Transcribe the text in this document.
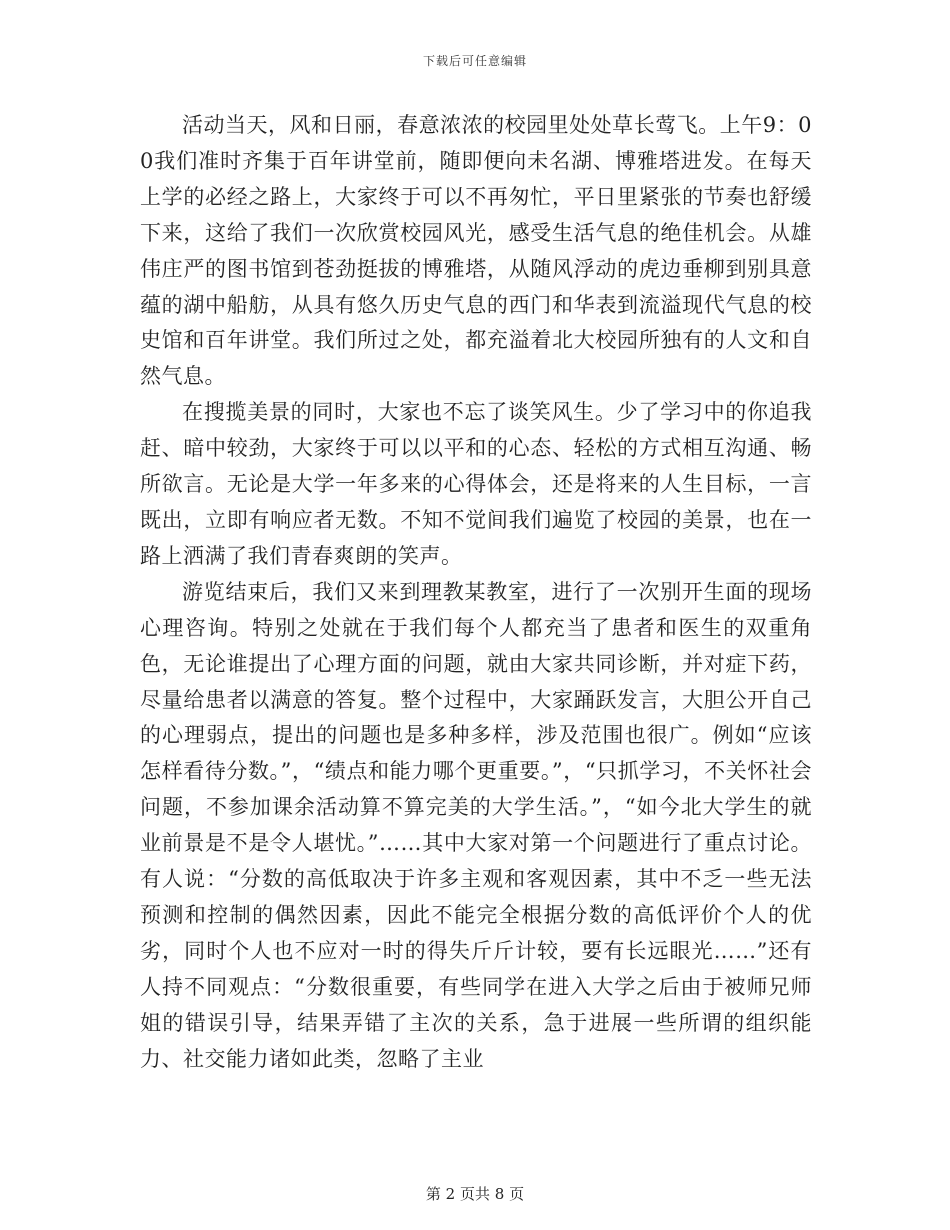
下载后可任意编辑

活动当天，风和日丽，春意浓浓的校园里处处草长莺飞。上午9：00我们准时齐集于百年讲堂前，随即便向未名湖、博雅塔进发。在每天上学的必经之路上，大家终于可以不再匆忙，平日里紧张的节奏也舒缓下来，这给了我们一次欣赏校园风光，感受生活气息的绝佳机会。从雄伟庄严的图书馆到苍劲挺拔的博雅塔，从随风浮动的虎边垂柳到别具意蕴的湖中船舫，从具有悠久历史气息的西门和华表到流溢现代气息的校史馆和百年讲堂。我们所过之处，都充溢着北大校园所独有的人文和自然气息。

在搜揽美景的同时，大家也不忘了谈笑风生。少了学习中的你追我赶、暗中较劲，大家终于可以以平和的心态、轻松的方式相互沟通、畅所欲言。无论是大学一年多来的心得体会，还是将来的人生目标，一言既出，立即有响应者无数。不知不觉间我们遍览了校园的美景，也在一路上洒满了我们青春爽朗的笑声。

游览结束后，我们又来到理教某教室，进行了一次别开生面的现场心理咨询。特别之处就在于我们每个人都充当了患者和医生的双重角色，无论谁提出了心理方面的问题，就由大家共同诊断，并对症下药，尽量给患者以满意的答复。整个过程中，大家踊跃发言，大胆公开自己的心理弱点，提出的问题也是多种多样，涉及范围也很广。例如“应该怎样看待分数。”，“绩点和能力哪个更重要。”，“只抓学习，不关怀社会问题，不参加课余活动算不算完美的大学生活。”，“如今北大学生的就业前景是不是令人堪忧。”……其中大家对第一个问题进行了重点讨论。有人说：“分数的高低取决于许多主观和客观因素，其中不乏一些无法预测和控制的偶然因素，因此不能完全根据分数的高低评价个人的优劣，同时个人也不应对一时的得失斤斤计较，要有长远眼光……”还有人持不同观点：“分数很重要，有些同学在进入大学之后由于被师兄师姐的错误引导，结果弄错了主次的关系，急于进展一些所谓的组织能力、社交能力诸如此类，忽略了主业

第 2 页共 8 页
